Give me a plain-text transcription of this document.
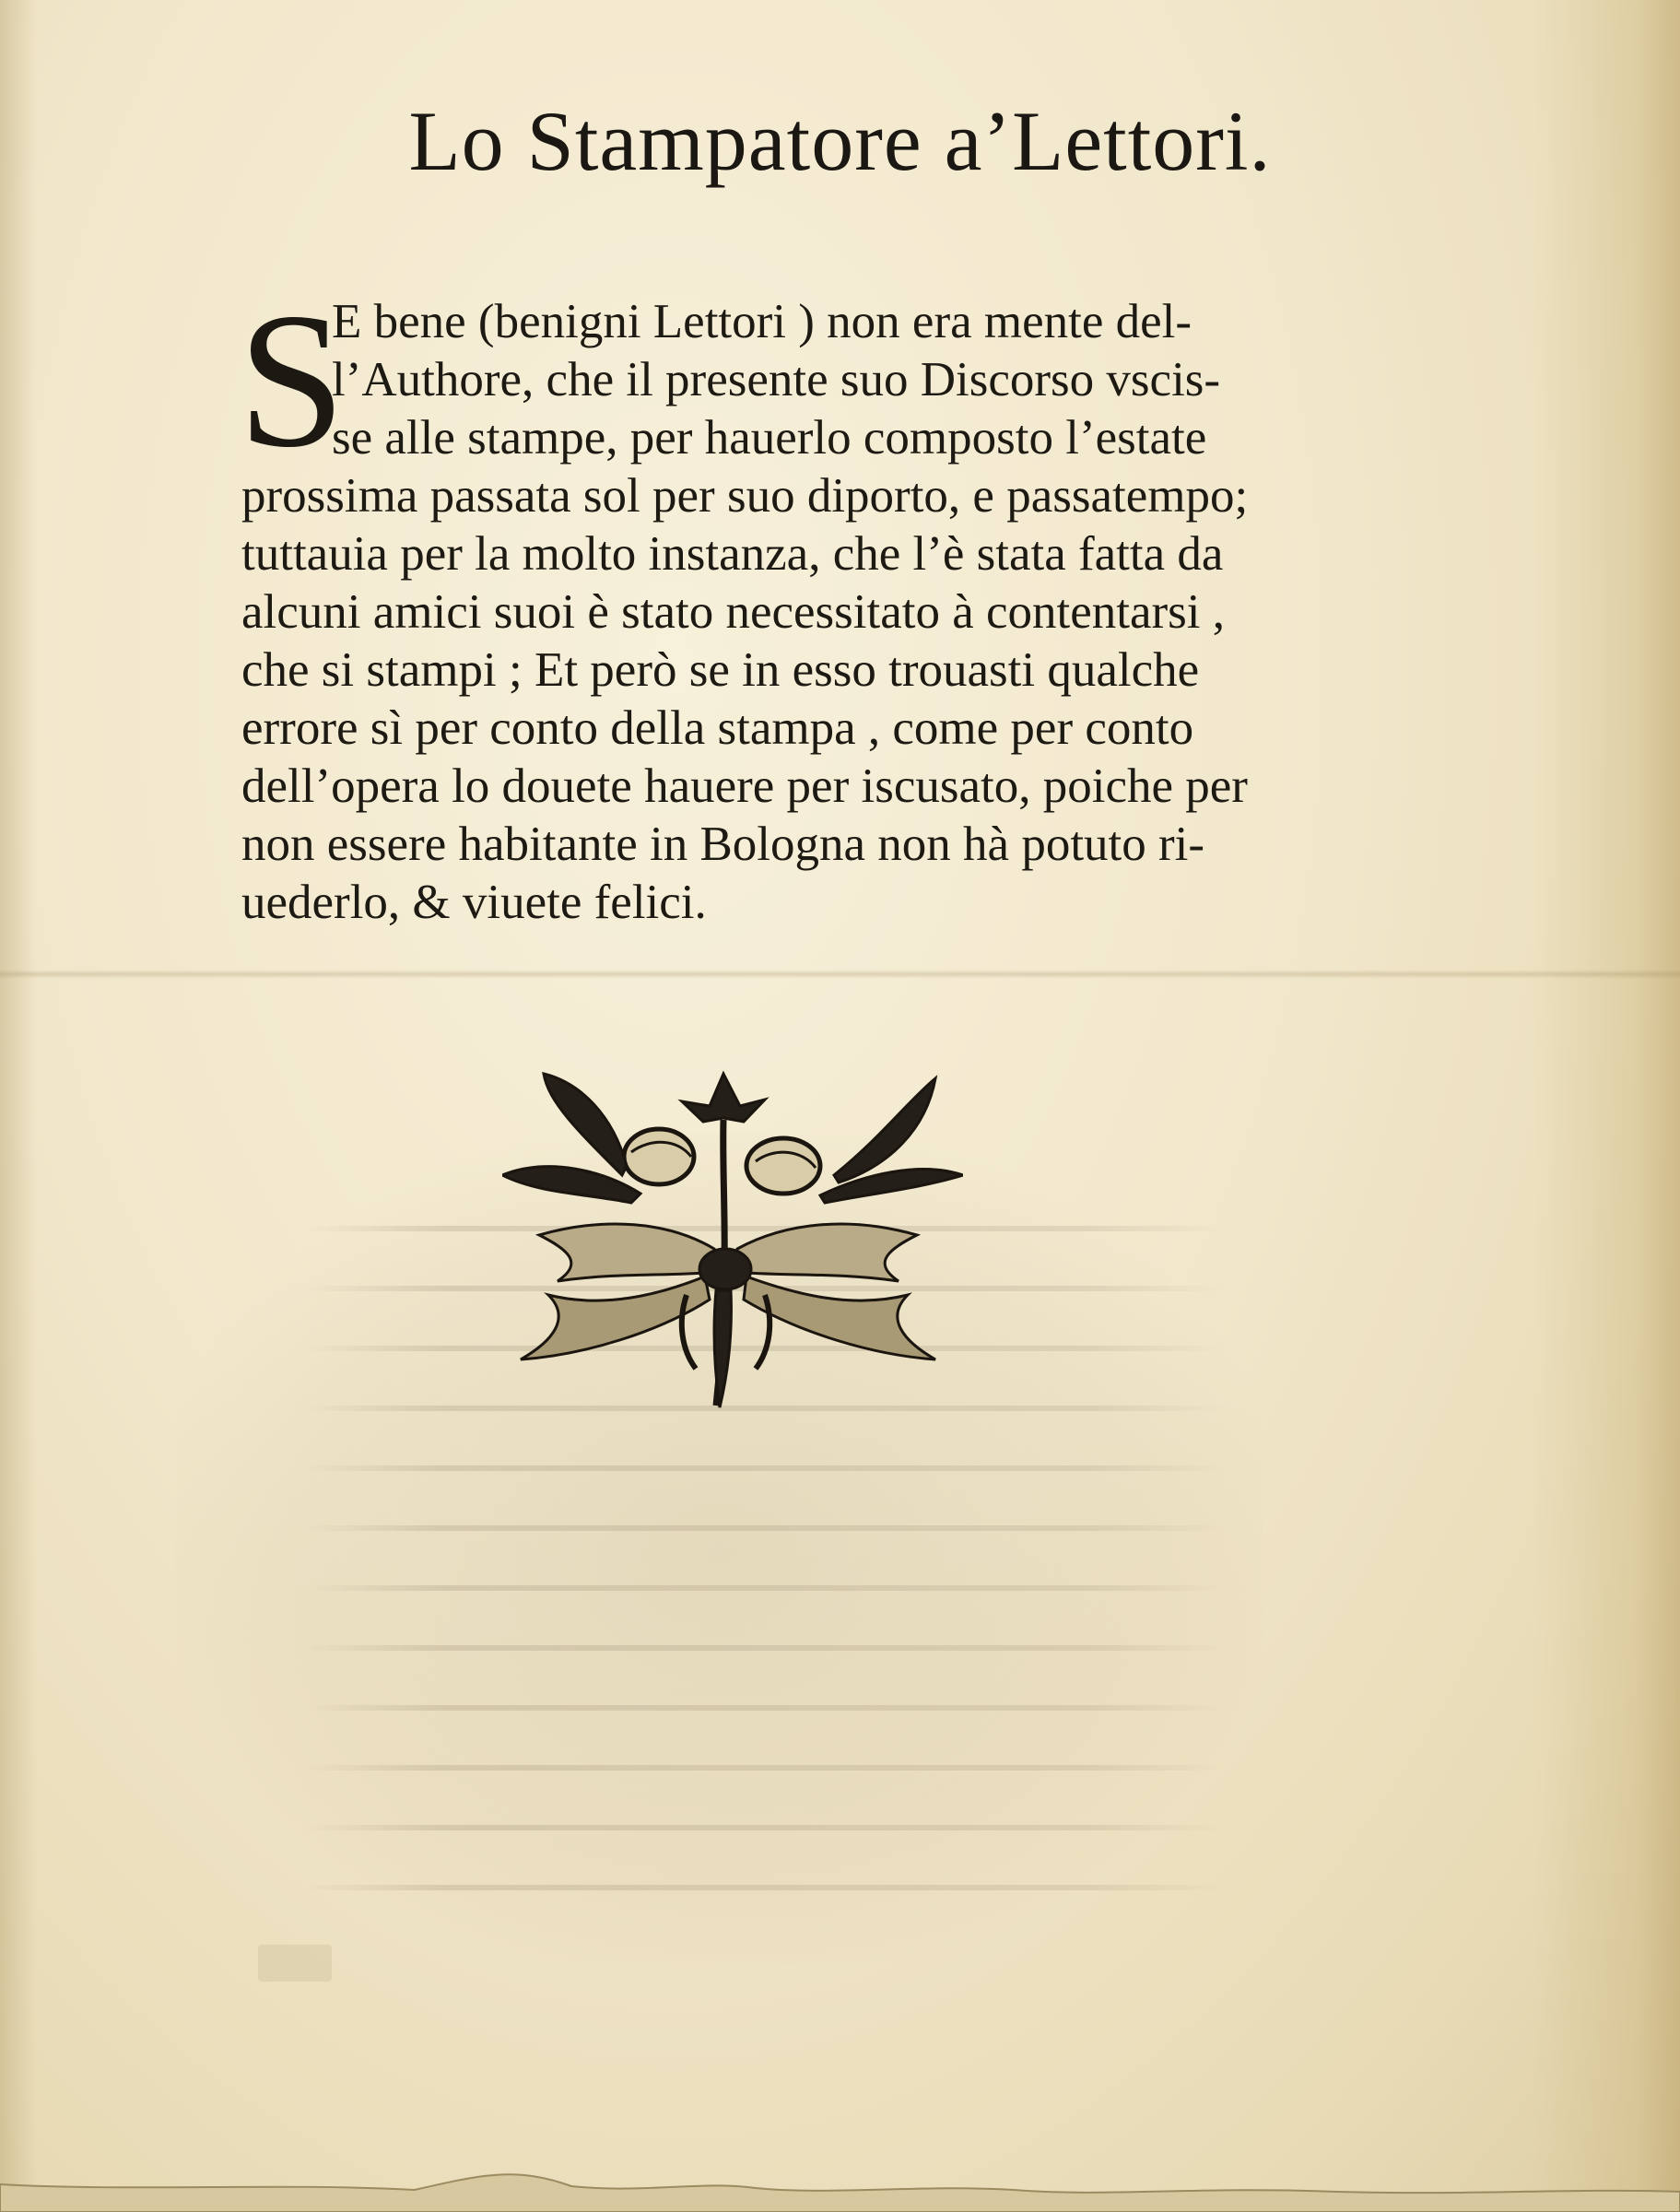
Lo Stampatore a’Lettori.
S
E bene (benigni Lettori ) non era mente del-
l’Authore, che il presente suo Discorso vscis-
se alle stampe, per hauerlo composto l’estate
prossima passata sol per suo diporto, e passatempo;
tuttauia per la molto instanza, che l’è stata fatta da
alcuni amici suoi è stato necessitato à contentarsi ,
che si stampi ; Et però se in esso trouasti qualche
errore sì per conto della stampa , come per conto
dell’opera lo douete hauere per iscusato, poiche per
non essere habitante in Bologna non hà potuto ri-
uederlo, & viuete felici.
